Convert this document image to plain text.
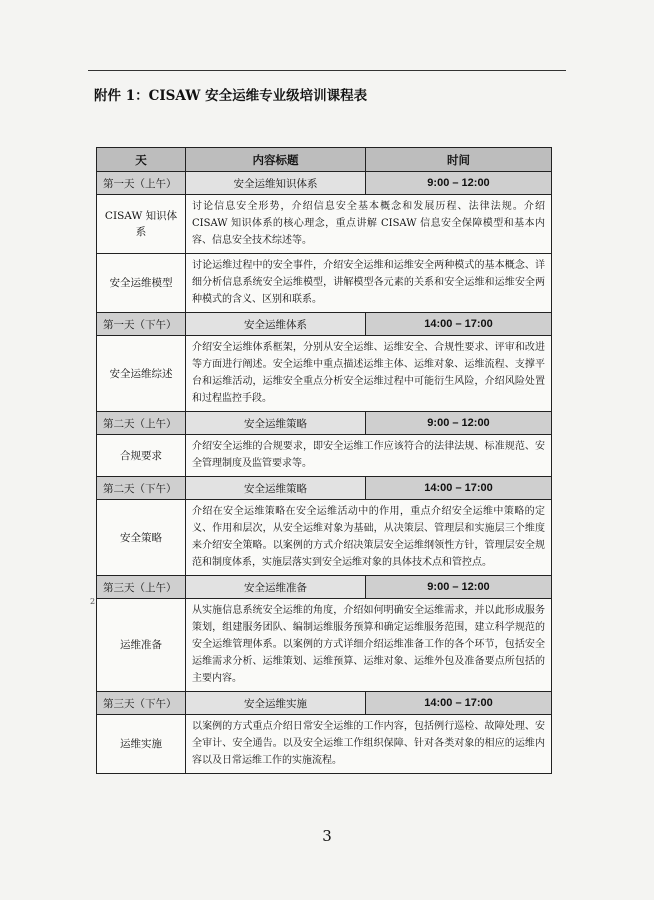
附件 1：CISAW 安全运维专业级培训课程表
天	内容标题	时间
第一天（上午）	安全运维知识体系	9:00 – 12:00
CISAW 知识体系	讨论信息安全形势，介绍信息安全基本概念和发展历程、法律法规。介绍 CISAW 知识体系的核心理念，重点讲解 CISAW 信息安全保障模型和基本内容、信息安全技术综述等。	
安全运维模型	讨论运维过程中的安全事件，介绍安全运维和运维安全两种模式的基本概念、详细分析信息系统安全运维模型，讲解模型各元素的关系和安全运维和运维安全两种模式的含义、区别和联系。	
第一天（下午）	安全运维体系	14:00 – 17:00
安全运维综述	介绍安全运维体系框架，分别从安全运维、运维安全、合规性要求、评审和改进等方面进行阐述。安全运维中重点描述运维主体、运维对象、运维流程、支撑平台和运维活动，运维安全重点分析安全运维过程中可能衍生风险，介绍风险处置和过程监控手段。	
第二天（上午）	安全运维策略	9:00 – 12:00
合规要求	介绍安全运维的合规要求，即安全运维工作应该符合的法律法规、标准规范、安全管理制度及监管要求等。	
第二天（下午）	安全运维策略	14:00 – 17:00
安全策略	介绍在安全运维策略在安全运维活动中的作用，重点介绍安全运维中策略的定义、作用和层次，从安全运维对象为基础，从决策层、管理层和实施层三个维度来介绍安全策略。以案例的方式介绍决策层安全运维纲领性方针，管理层安全规范和制度体系，实施层落实到安全运维对象的具体技术点和管控点。	
第三天（上午）	安全运维准备	9:00 – 12:00
运维准备	从实施信息系统安全运维的角度，介绍如何明确安全运维需求，并以此形成服务策划，组建服务团队、编制运维服务预算和确定运维服务范围，建立科学规范的安全运维管理体系。以案例的方式详细介绍运维准备工作的各个环节，包括安全运维需求分析、运维策划、运维预算、运维对象、运维外包及准备要点所包括的主要内容。	
第三天（下午）	安全运维实施	14:00 – 17:00
运维实施	以案例的方式重点介绍日常安全运维的工作内容，包括例行巡检、故障处理、安全审计、安全通告。以及安全运维工作组织保障、针对各类对象的相应的运维内容以及日常运维工作的实施流程。	
2
3
